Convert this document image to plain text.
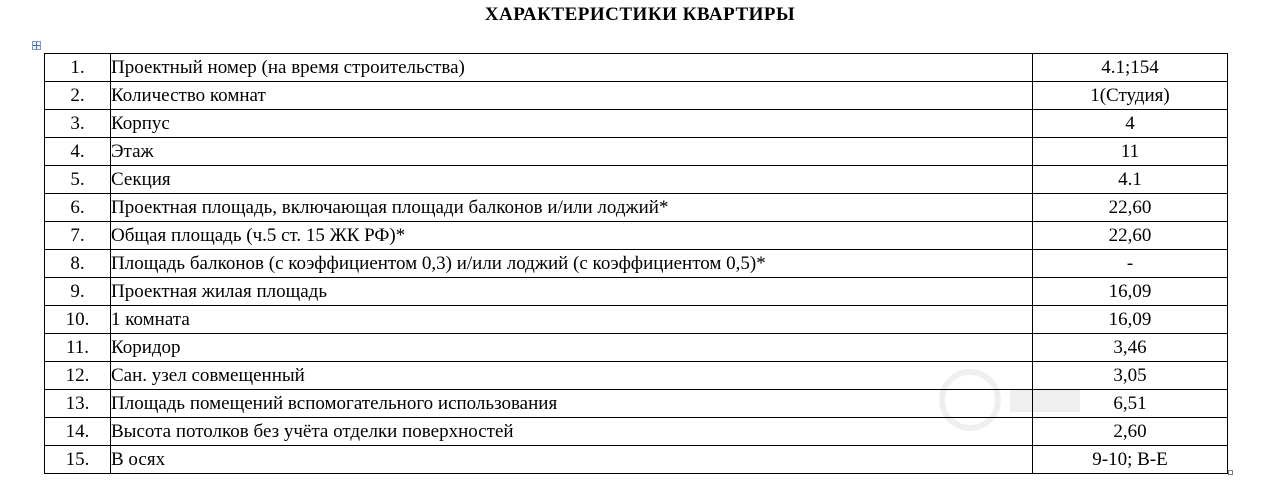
ХАРАКТЕРИСТИКИ КВАРТИРЫ
1.	Проектный номер (на время строительства)	4.1;154
2.	Количество комнат	1(Студия)
3.	Корпус	4
4.	Этаж	11
5.	Секция	4.1
6.	Проектная площадь, включающая площади балконов и/или лоджий*	22,60
7.	Общая площадь (ч.5 ст. 15 ЖК РФ)*	22,60
8.	Площадь балконов (с коэффициентом 0,3) и/или лоджий (с коэффициентом 0,5)*	-
9.	Проектная жилая площадь	16,09
10.	1 комната	16,09
11.	Коридор	3,46
12.	Сан. узел совмещенный	3,05
13.	Площадь помещений вспомогательного использования	6,51
14.	Высота потолков без учёта отделки поверхностей	2,60
15.	В осях	9-10; В-Е
